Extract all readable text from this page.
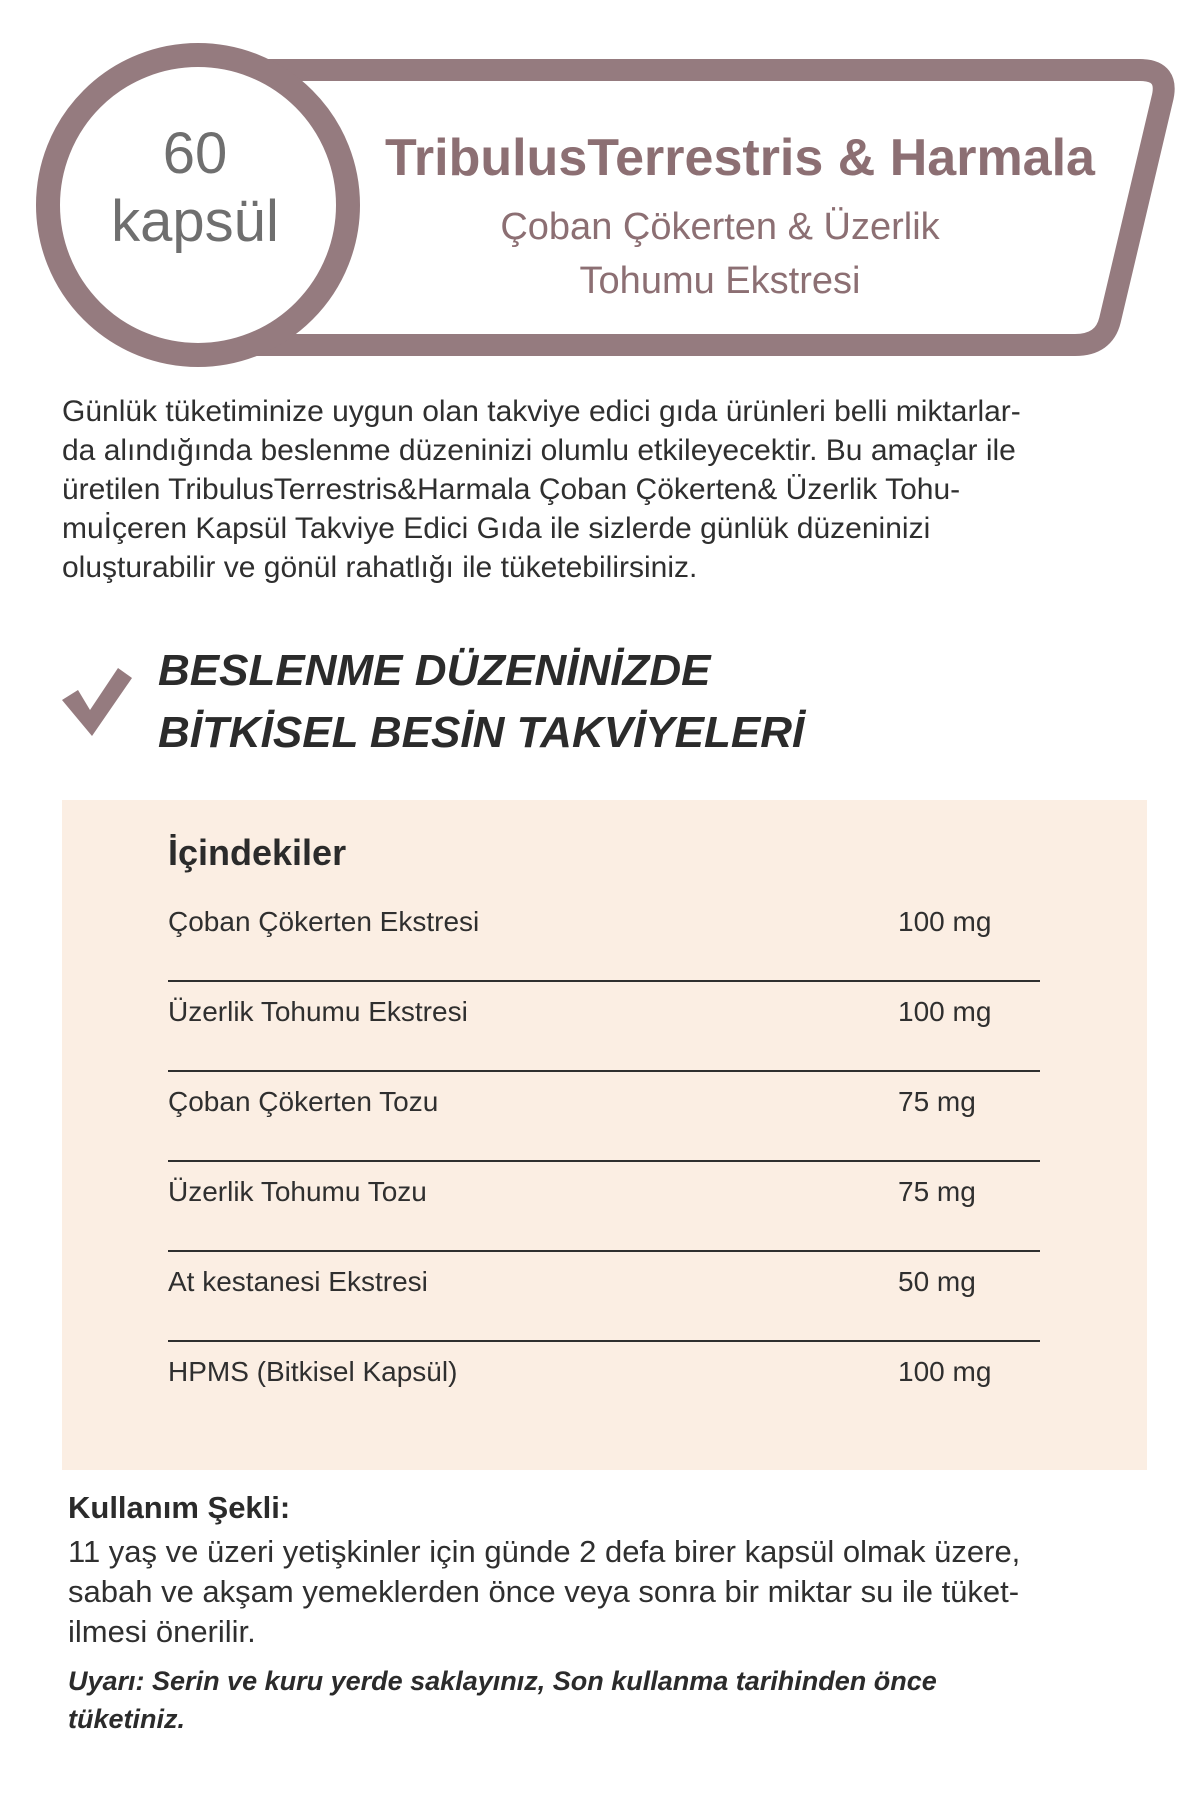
60
kapsül
TribulusTerrestris & Harmala
Çoban Çökerten & Üzerlik
Tohumu Ekstresi
Günlük tüketiminize uygun olan takviye edici gıda ürünleri belli miktarlar-
da alındığında beslenme düzeninizi olumlu etkileyecektir. Bu amaçlar ile
üretilen TribulusTerrestris&Harmala Çoban Çökerten& Üzerlik Tohu-
muİçeren Kapsül Takviye Edici Gıda ile sizlerde günlük düzeninizi
oluşturabilir ve gönül rahatlığı ile tüketebilirsiniz.
BESLENME DÜZENİNİZDE
BİTKİSEL BESİN TAKVİYELERİ
İçindekiler
Çoban Çökerten Ekstresi	100 mg
Üzerlik Tohumu Ekstresi	100 mg
Çoban Çökerten Tozu	75 mg
Üzerlik Tohumu Tozu	75 mg
At kestanesi Ekstresi	50 mg
HPMS (Bitkisel Kapsül)	100 mg
Kullanım Şekli:
11 yaş ve üzeri yetişkinler için günde 2 defa birer kapsül olmak üzere,
sabah ve akşam yemeklerden önce veya sonra bir miktar su ile tüket-
ilmesi önerilir.
Uyarı: Serin ve kuru yerde saklayınız, Son kullanma tarihinden önce
tüketiniz.
